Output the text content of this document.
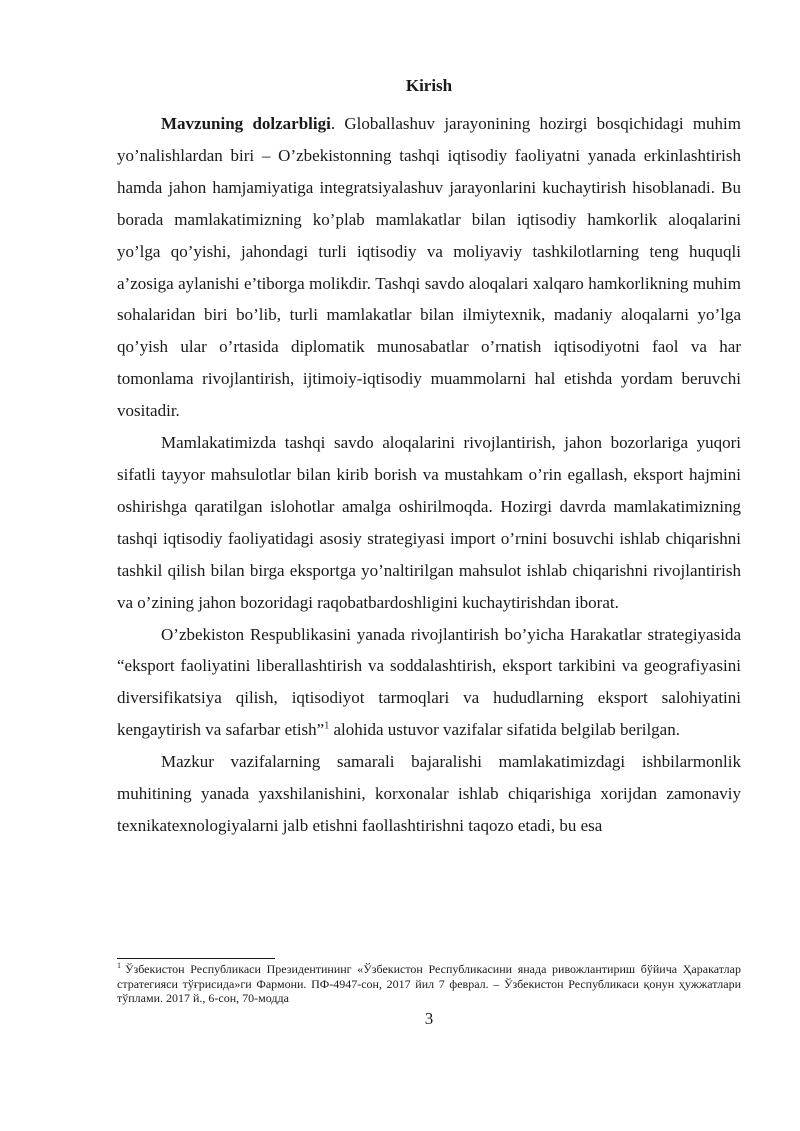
Kirish

Mavzuning dolzarbligi. Globallashuv jarayonining hozirgi bosqichidagi muhim yo’nalishlardan biri – O’zbekistonning tashqi iqtisodiy faoliyatni yanada erkinlashtirish hamda jahon hamjamiyatiga integratsiyalashuv jarayonlarini kuchaytirish hisoblanadi. Bu borada mamlakatimizning ko’plab mamlakatlar bilan iqtisodiy hamkorlik aloqalarini yo’lga qo’yishi, jahondagi turli iqtisodiy va moliyaviy tashkilotlarning teng huquqli a’zosiga aylanishi e’tiborga molikdir. Tashqi savdo aloqalari xalqaro hamkorlikning muhim sohalaridan biri bo’lib, turli mamlakatlar bilan ilmiytexnik, madaniy aloqalarni yo’lga qo’yish ular o’rtasida diplomatik munosabatlar o’rnatish iqtisodiyotni faol va har tomonlama rivojlantirish, ijtimoiy-iqtisodiy muammolarni hal etishda yordam beruvchi vositadir.

Mamlakatimizda tashqi savdo aloqalarini rivojlantirish, jahon bozorlariga yuqori sifatli tayyor mahsulotlar bilan kirib borish va mustahkam o’rin egallash, eksport hajmini oshirishga qaratilgan islohotlar amalga oshirilmoqda. Hozirgi davrda mamlakatimizning tashqi iqtisodiy faoliyatidagi asosiy strategiyasi import o’rnini bosuvchi ishlab chiqarishni tashkil qilish bilan birga eksportga yo’naltirilgan mahsulot ishlab chiqarishni rivojlantirish va o’zining jahon bozoridagi raqobatbardoshligini kuchaytirishdan iborat.

O’zbekiston Respublikasini yanada rivojlantirish bo’yicha Harakatlar strategiyasida “eksport faoliyatini liberallashtirish va soddalashtirish, eksport tarkibini va geografiyasini diversifikatsiya qilish, iqtisodiyot tarmoqlari va hududlarning eksport salohiyatini kengaytirish va safarbar etish”$^1$ alohida ustuvor vazifalar sifatida belgilab berilgan.

Mazkur vazifalarning samarali bajaralishi mamlakatimizdagi ishbilarmonlik muhitining yanada yaxshilanishini, korxonalar ishlab chiqarishiga xorijdan zamonaviy texnikatexnologiyalarni jalb etishni faollashtirishni taqozo etadi, bu esa

$^1$ Ўзбекистон Республикаси Президентининг «Ўзбекистон Республикасини янада ривожлантириш бўйича Ҳаракатлар стратегияси тўғрисида»ги Фармони. ПФ-4947-сон, 2017 йил 7 феврал. – Ўзбекистон Республикаси қонун ҳужжатлари тўплами. 2017 й., 6-сон, 70-модда
3
